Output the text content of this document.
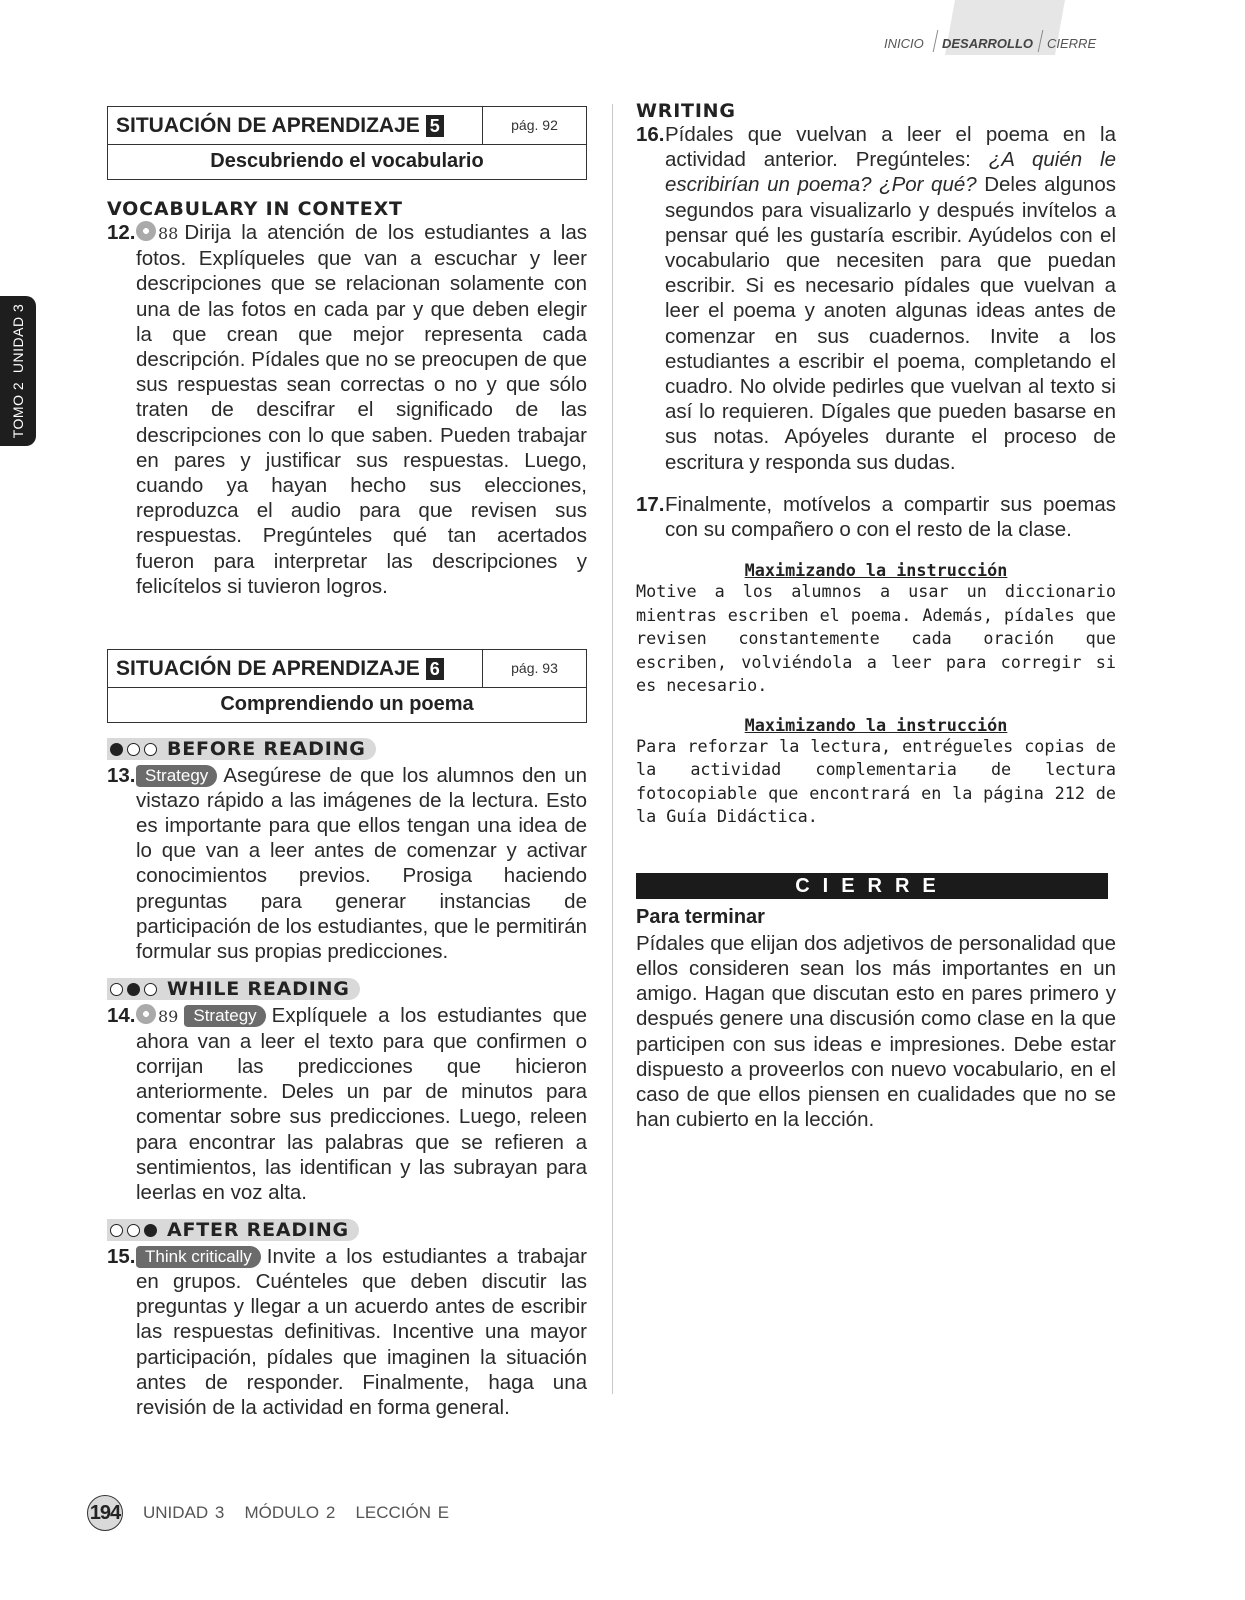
INICIO DESARROLLO CIERRE
TOMO 2  UNIDAD 3
SITUACIÓN DE APRENDIZAJE 5	pág. 92
Descubriendo el vocabulario
VOCABULARY IN CONTEXT
12. 88 Dirija la atención de los estudiantes a las fotos. Explíqueles que van a escuchar y leer descripciones que se relacionan solamente con una de las fotos en cada par y que deben elegir la que crean que mejor representa cada descripción. Pídales que no se preocupen de que sus respuestas sean correctas o no y que sólo traten de descifrar el significado de las descripciones con lo que saben. Pueden trabajar en pares y justificar sus respuestas. Luego, cuando ya hayan hecho sus elecciones, reproduzca el audio para que revisen sus respuestas. Pregúnteles qué tan acertados fueron para interpretar las descripciones y felicítelos si tuvieron logros.
SITUACIÓN DE APRENDIZAJE 6	pág. 93
Comprendiendo un poema
BEFORE READING
13. Strategy Asegúrese de que los alumnos den un vistazo rápido a las imágenes de la lectura. Esto es importante para que ellos tengan una idea de lo que van a leer antes de comenzar y activar conocimientos previos. Prosiga haciendo preguntas para generar instancias de participación de los estudiantes, que le permitirán formular sus propias predicciones.
WHILE READING
14. 89 Strategy Explíquele a los estudiantes que ahora van a leer el texto para que confirmen o corrijan las predicciones que hicieron anteriormente. Deles un par de minutos para comentar sobre sus predicciones. Luego, releen para encontrar las palabras que se refieren a sentimientos, las identifican y las subrayan para leerlas en voz alta.
AFTER READING
15. Think critically Invite a los estudiantes a trabajar en grupos. Cuénteles que deben discutir las preguntas y llegar a un acuerdo antes de escribir las respuestas definitivas. Incentive una mayor participación, pídales que imaginen la situación antes de responder. Finalmente, haga una revisión de la actividad en forma general.
WRITING
16. Pídales que vuelvan a leer el poema en la actividad anterior. Pregúnteles: ¿A quién le escribirían un poema? ¿Por qué? Deles algunos segundos para visualizarlo y después invítelos a pensar qué les gustaría escribir. Ayúdelos con el vocabulario que necesiten para que puedan escribir. Si es necesario pídales que vuelvan a leer el poema y anoten algunas ideas antes de comenzar en sus cuadernos. Invite a los estudiantes a escribir el poema, completando el cuadro. No olvide pedirles que vuelvan al texto si así lo requieren. Dígales que pueden basarse en sus notas. Apóyeles durante el proceso de escritura y responda sus dudas.
17. Finalmente, motívelos a compartir sus poemas con su compañero o con el resto de la clase.
Maximizando la instrucción
Motive a los alumnos a usar un diccionario mientras escriben el poema. Además, pídales que revisen constantemente cada oración que escriben, volviéndola a leer para corregir si es necesario.
Maximizando la instrucción
Para reforzar la lectura, entrégueles copias de la actividad complementaria de lectura fotocopiable que encontrará en la página 212 de la Guía Didáctica.
CIERRE
Para terminar
Pídales que elijan dos adjetivos de personalidad que ellos consideren sean los más importantes en un amigo. Hagan que discutan esto en pares primero y después genere una discusión como clase en la que participen con sus ideas e impresiones. Debe estar dispuesto a proveerlos con nuevo vocabulario, en el caso de que ellos piensen en cualidades que no se han cubierto en la lección.
194 UNIDAD 3   MÓDULO 2   LECCIÓN E
